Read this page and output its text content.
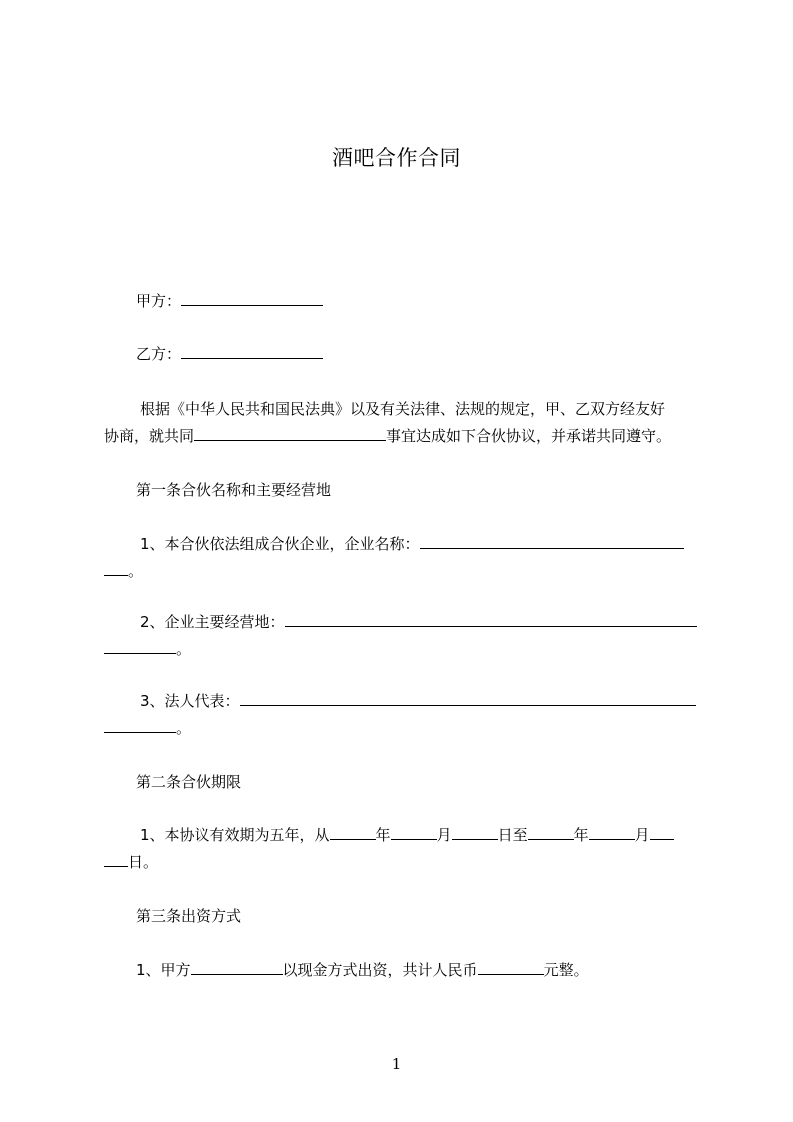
酒吧合作合同
甲方：
乙方：
根据《中华人民共和国民法典》以及有关法律、法规的规定，甲、乙双方经友好
协商，就共同	事宜达成如下合伙协议，并承诺共同遵守。
第一条合伙名称和主要经营地
1、本合伙依法组成合伙企业，企业名称：
。
2、企业主要经营地：
。
3、法人代表：
。
第二条合伙期限
1、本协议有效期为五年，从	年	月	日至	年	月
日。
第三条出资方式
1、甲方	以现金方式出资，共计人民币	元整。
1
